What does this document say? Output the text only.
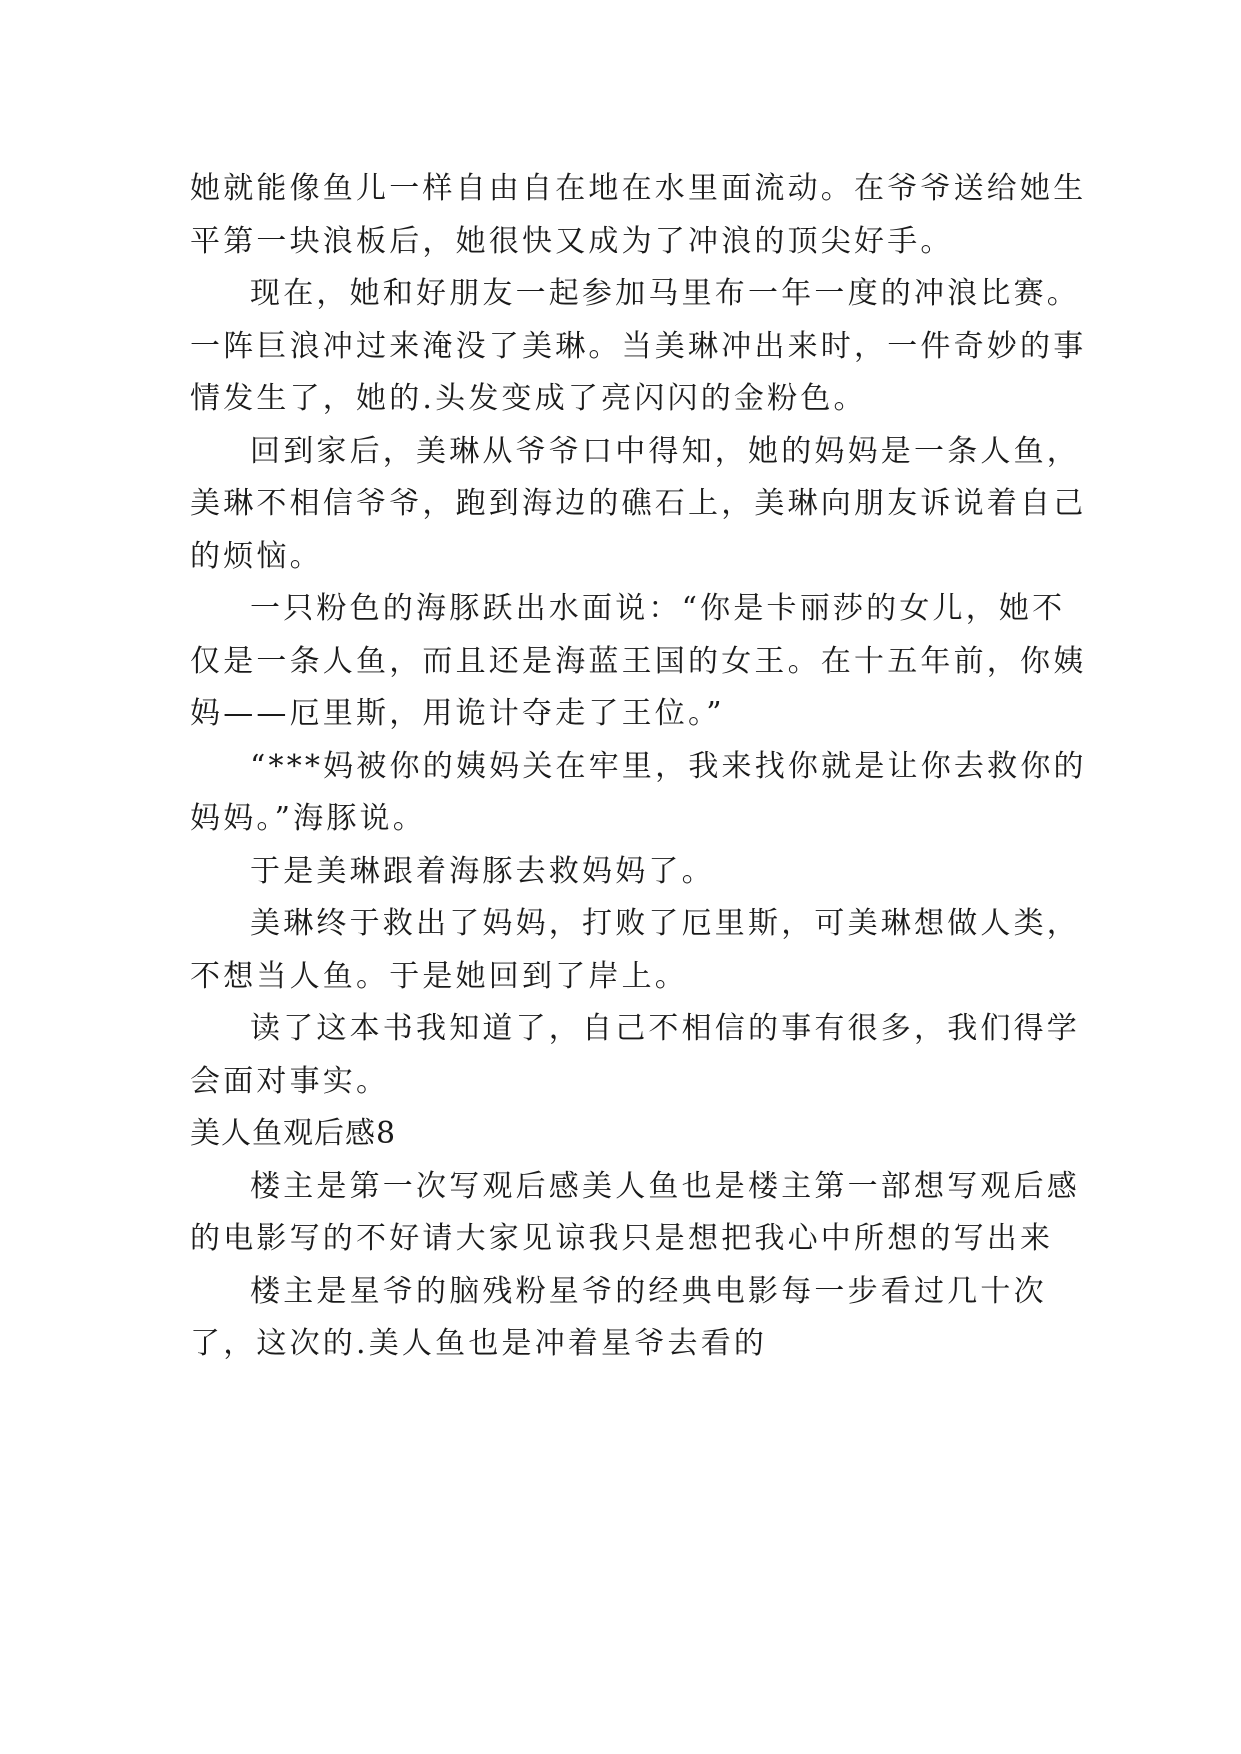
她就能像鱼儿一样自由自在地在水里面流动。在爷爷送给她生平第一块浪板后，她很快又成为了冲浪的顶尖好手。

现在，她和好朋友一起参加马里布一年一度的冲浪比赛。一阵巨浪冲过来淹没了美琳。当美琳冲出来时，一件奇妙的事情发生了，她的.头发变成了亮闪闪的金粉色。

回到家后，美琳从爷爷口中得知，她的妈妈是一条人鱼，美琳不相信爷爷，跑到海边的礁石上，美琳向朋友诉说着自己的烦恼。

一只粉色的海豚跃出水面说：“你是卡丽莎的女儿，她不仅是一条人鱼，而且还是海蓝王国的女王。在十五年前，你姨妈——厄里斯，用诡计夺走了王位。”

“***妈被你的姨妈关在牢里，我来找你就是让你去救你的妈妈。”海豚说。

于是美琳跟着海豚去救妈妈了。

美琳终于救出了妈妈，打败了厄里斯，可美琳想做人类，不想当人鱼。于是她回到了岸上。

读了这本书我知道了，自己不相信的事有很多，我们得学会面对事实。

美人鱼观后感8

楼主是第一次写观后感美人鱼也是楼主第一部想写观后感的电影写的不好请大家见谅我只是想把我心中所想的写出来

楼主是星爷的脑残粉星爷的经典电影每一步看过几十次了，这次的.美人鱼也是冲着星爷去看的
